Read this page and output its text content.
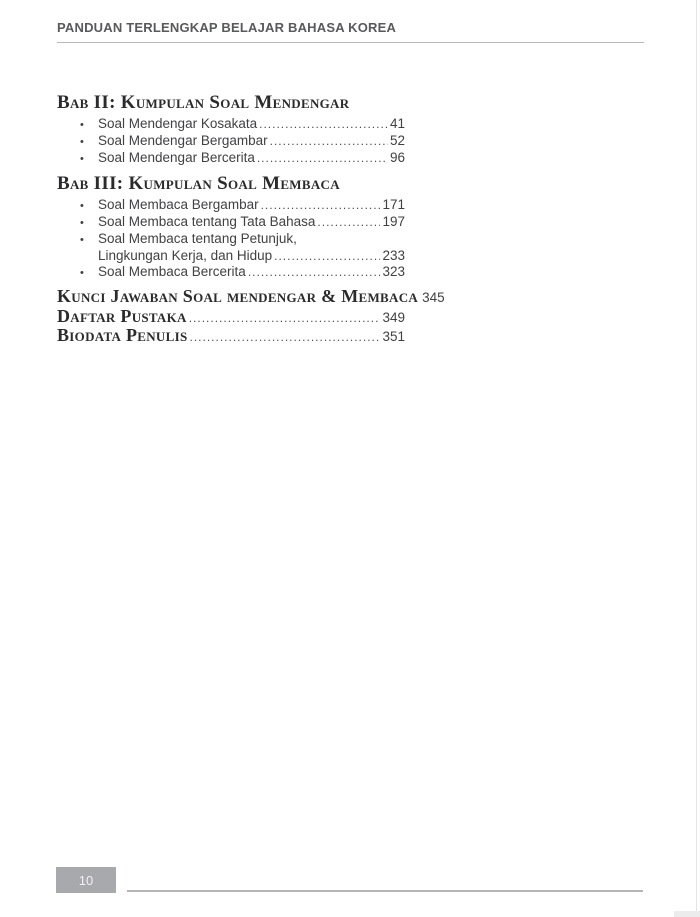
PANDUAN TERLENGKAP BELAJAR BAHASA KOREA
Bab II: Kumpulan Soal Mendengar
•	Soal Mendengar Kosakata .....	41
•	Soal Mendengar Bergambar .....	52
•	Soal Mendengar Bercerita .....	96
Bab III: Kumpulan Soal Membaca
•	Soal Membaca Bergambar .....	171
•	Soal Membaca tentang Tata Bahasa .....	197
•	Soal Membaca tentang Petunjuk,
Lingkungan Kerja, dan Hidup .....	233
•	Soal Membaca Bercerita .....	323
Kunci Jawaban Soal mendengar & Membaca 345
Daftar Pustaka .....	349
Biodata Penulis .....	351
10
